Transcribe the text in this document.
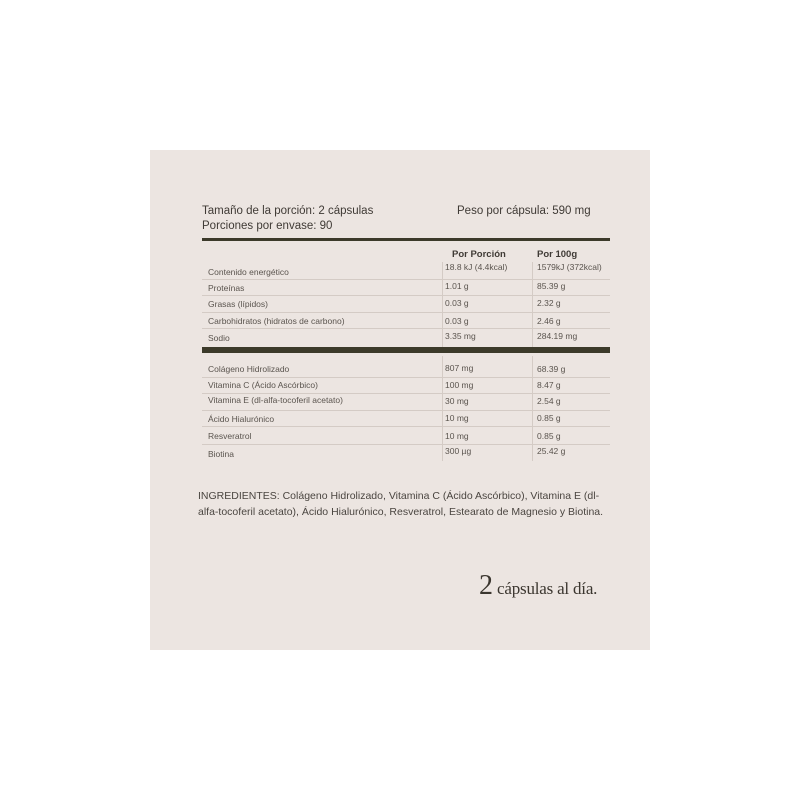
Tamaño de la porción: 2 cápsulas
Porciones por envase: 90
Peso por cápsula: 590 mg
Por Porción	Por 100g
Contenido energético	18.8 kJ (4.4kcal)	1579kJ (372kcal)
Proteínas	1.01 g	85.39 g
Grasas (lípidos)	0.03 g	2.32 g
Carbohidratos (hidratos de carbono)	0.03 g	2.46 g
Sodio	3.35 mg	284.19 mg
Colágeno Hidrolizado	807 mg	68.39 g
Vitamina C (Ácido Ascórbico)	100 mg	8.47 g
Vitamina E (dl-alfa-tocoferil acetato)	30 mg	2.54 g
Ácido Hialurónico	10 mg	0.85 g
Resveratrol	10 mg	0.85 g
Biotina	300 µg	25.42 g
INGREDIENTES: Colágeno Hidrolizado, Vitamina C (Ácido Ascórbico), Vitamina E (dl-alfa-tocoferil acetato), Ácido Hialurónico, Resveratrol, Estearato de Magnesio y Biotina.
2 cápsulas al día.
